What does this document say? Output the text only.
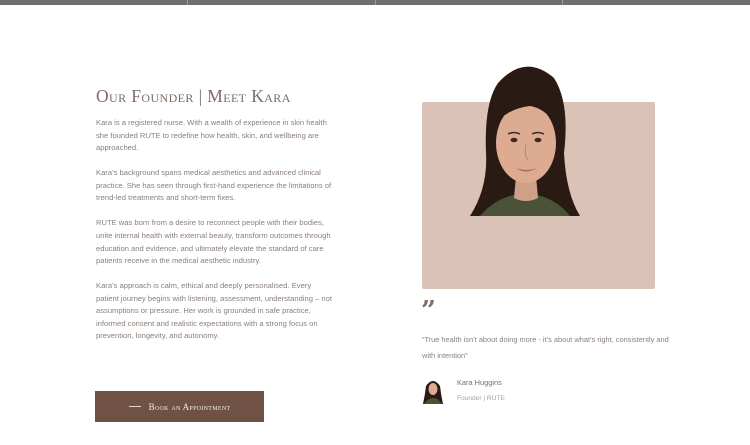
Our Founder | Meet Kara

Kara is a registered nurse. With a wealth of experience in skin health she founded RUTE to redefine how health, skin, and wellbeing are approached.

Kara’s background spans medical aesthetics and advanced clinical practice. She has seen through first-hand experience the limitations of trend-led treatments and short-term fixes.

RUTE was born from a desire to reconnect people with their bodies, unite internal health with external beauty, transform outcomes through education and evidence, and ultimately elevate the standard of care patients receive in the medical aesthetic industry.

Kara’s approach is calm, ethical and deeply personalised. Every patient journey begins with listening, assessment, understanding – not assumptions or pressure. Her work is grounded in safe practice, informed consent and realistic expectations with a strong focus on prevention, longevity, and autonomy.

Book an Appointment
”

“True health isn’t about doing more - it’s about what’s right, consistently and with intention”

Kara Huggins
Founder | RUTE
